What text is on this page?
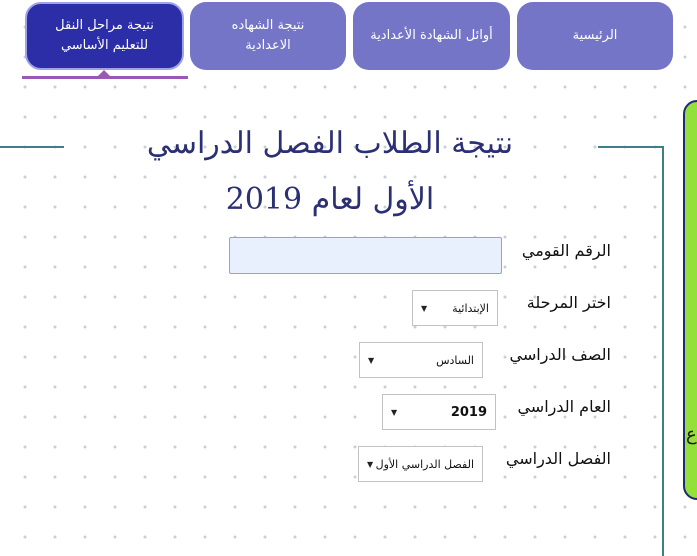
الرئيسية
أوائل الشهادة الأعدادية
نتيجة الشهاده
الاعدادية
نتيجة مراحل النقل
للتعليم الأساسي
ع
نتيجة الطلاب الفصل الدراسي
الأول لعام 2019
الرقم القومي
اختر المرحلة
الإبتدائية
▼
الصف الدراسي
السادس
▼
العام الدراسي
2019
▼
الفصل الدراسي
الفصل الدراسي الأول
▼
